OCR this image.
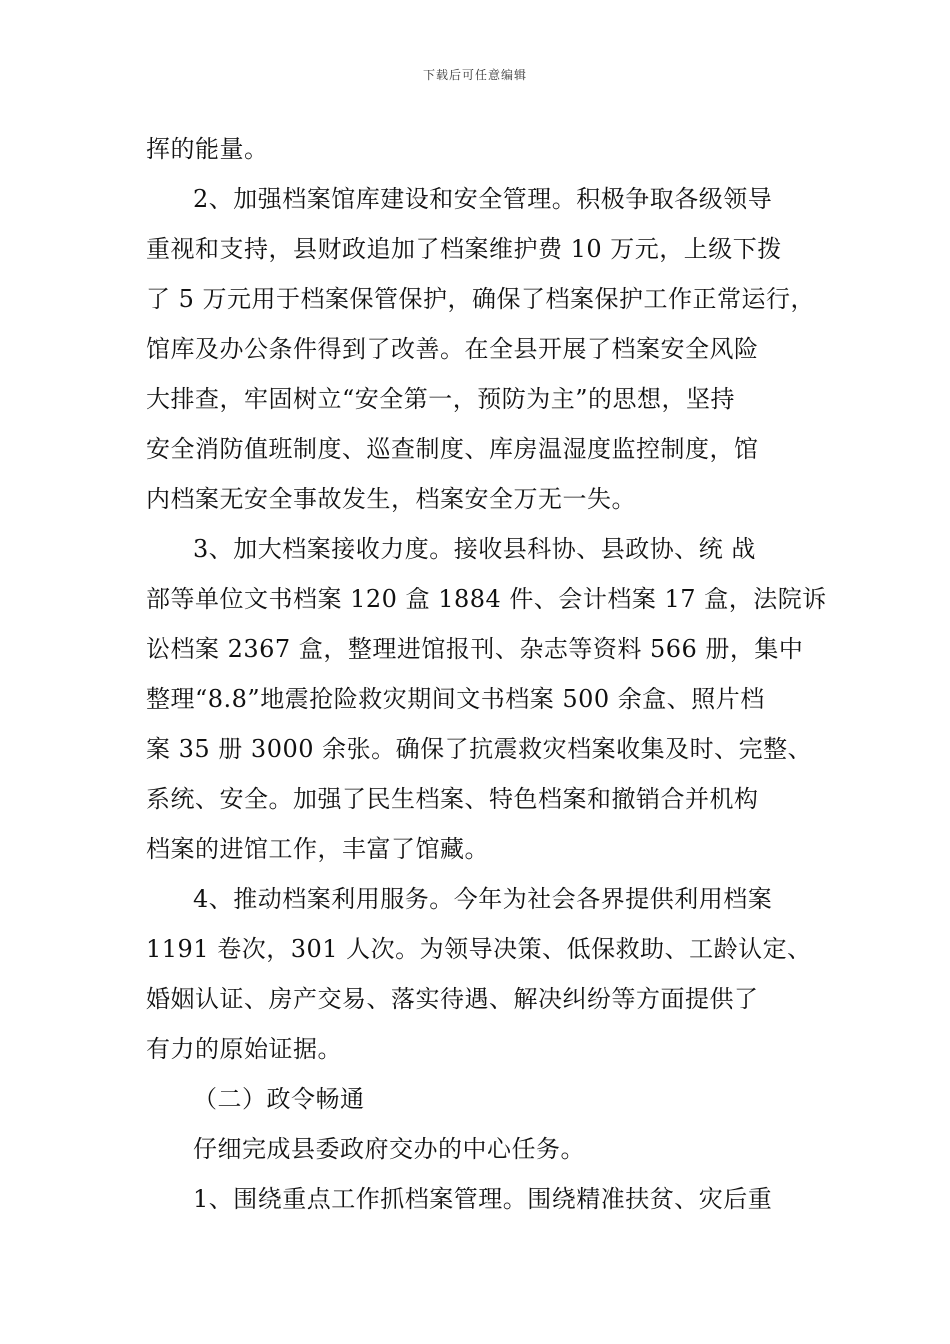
下载后可任意编辑
挥的能量。
2、加强档案馆库建设和安全管理。积极争取各级领导
重视和支持，县财政追加了档案维护费 10 万元，上级下拨
了 5 万元用于档案保管保护，确保了档案保护工作正常运行，
馆库及办公条件得到了改善。在全县开展了档案安全风险
大排查，牢固树立“安全第一，预防为主”的思想，坚持
安全消防值班制度、巡查制度、库房温湿度监控制度，馆
内档案无安全事故发生，档案安全万无一失。
3、加大档案接收力度。接收县科协、县政协、统 战
部等单位文书档案 120 盒 1884 件、会计档案 17 盒，法院诉
讼档案 2367 盒，整理进馆报刊、杂志等资料 566 册，集中
整理“8.8”地震抢险救灾期间文书档案 500 余盒、照片档
案 35 册 3000 余张。确保了抗震救灾档案收集及时、完整、
系统、安全。加强了民生档案、特色档案和撤销合并机构
档案的进馆工作，丰富了馆藏。
4、推动档案利用服务。今年为社会各界提供利用档案
1191 卷次，301 人次。为领导决策、低保救助、工龄认定、
婚姻认证、房产交易、落实待遇、解决纠纷等方面提供了
有力的原始证据。
（二）政令畅通
仔细完成县委政府交办的中心任务。
1、围绕重点工作抓档案管理。围绕精准扶贫、灾后重
